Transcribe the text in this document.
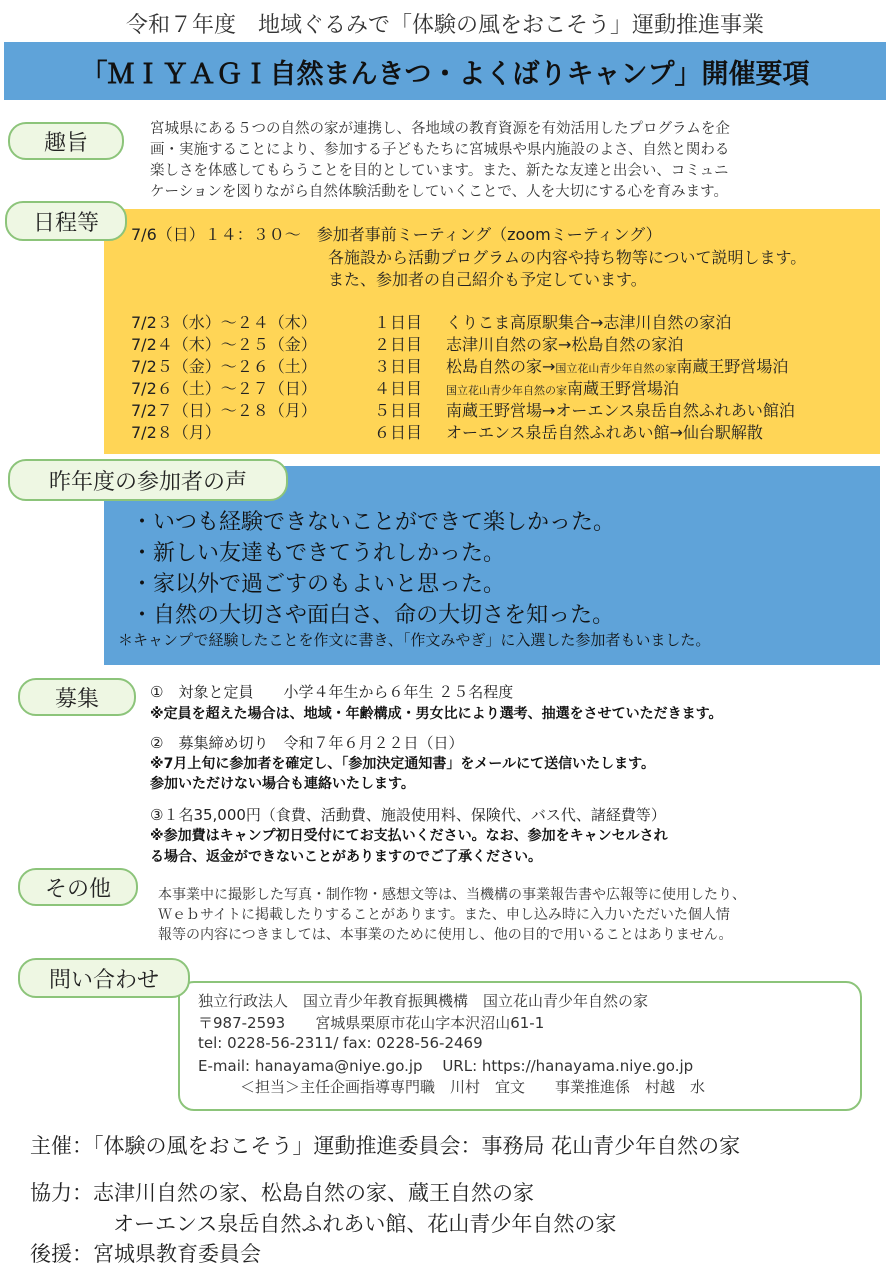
令和７年度　地域ぐるみで「体験の風をおこそう」運動推進事業
「ＭＩＹＡＧＩ自然まんきつ・よくばりキャンプ」開催要項
趣旨
宮城県にある５つの自然の家が連携し、各地域の教育資源を有効活用したプログラムを企
画・実施することにより、参加する子どもたちに宮城県や県内施設のよさ、自然と関わる
楽しさを体感してもらうことを目的としています。また、新たな友達と出会い、コミュニ
ケーションを図りながら自然体験活動をしていくことで、人を大切にする心を育みます。
日程等 7/6（日）１４：３０～　参加者事前ミーティング（zoomミーティング）
各施設から活動プログラムの内容や持ち物等について説明します。
また、参加者の自己紹介も予定しています。
7/2３（水）～２４（木）	１日目 くりこま高原駅集合→志津川自然の家泊
7/2４（木）～２５（金）	２日目 志津川自然の家→松島自然の家泊
7/2５（金）～２６（土）	３日目 松島自然の家→国立花山青少年自然の家南蔵王野営場泊
7/2６（土）～２７（日）	４日目 国立花山青少年自然の家南蔵王野営場泊
7/2７（日）～２８（月）	５日目 南蔵王野営場→オーエンス泉岳自然ふれあい館泊
7/2８（月）	６日目 オーエンス泉岳自然ふれあい館→仙台駅解散
昨年度の参加者の声
・いつも経験できないことができて楽しかった。
・新しい友達もできてうれしかった。
・家以外で過ごすのもよいと思った。
・自然の大切さや面白さ、命の大切さを知った。
＊キャンプで経験したことを作文に書き、「作文みやぎ」に入選した参加者もいました。
募集	①　対象と定員　　小学４年生から６年生 ２５名程度
※定員を超えた場合は、地域・年齢構成・男女比により選考、抽選をさせていただきます。
②　募集締め切り　令和７年６月２２日（日）
※7月上旬に参加者を確定し、「参加決定通知書」をメールにて送信いたします。
参加いただけない場合も連絡いたします。
③１名35,000円（食費、活動費、施設使用料、保険代、バス代、諸経費等）
※参加費はキャンプ初日受付にてお支払いください。なお、参加をキャンセルされ
る場合、返金ができないことがありますのでご了承ください。
その他	本事業中に撮影した写真・制作物・感想文等は、当機構の事業報告書や広報等に使用したり、
Ｗｅｂサイトに掲載したりすることがあります。また、申し込み時に入力いただいた個人情
報等の内容につきましては、本事業のために使用し、他の目的で用いることはありません。
問い合わせ
独立行政法人　国立青少年教育振興機構　国立花山青少年自然の家
〒987-2593　　宮城県栗原市花山字本沢沼山61-1
tel: 0228-56-2311/ fax: 0228-56-2469
E-mail: hanayama@niye.go.jp　 URL: https://hanayama.niye.go.jp
＜担当＞主任企画指導専門職　川村　宜文　　事業推進係　村越　水
主催：「体験の風をおこそう」運動推進委員会：事務局 花山青少年自然の家
協力：志津川自然の家、松島自然の家、蔵王自然の家
オーエンス泉岳自然ふれあい館、花山青少年自然の家
後援：宮城県教育委員会
